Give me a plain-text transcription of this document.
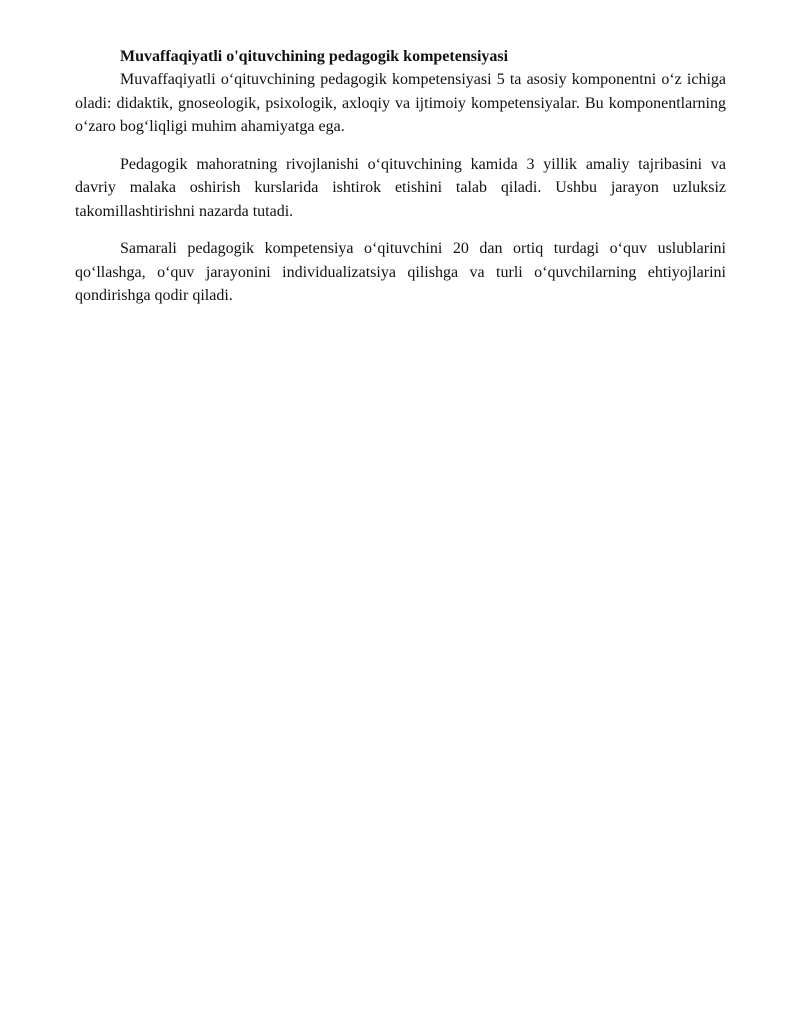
Muvaffaqiyatli o'qituvchining pedagogik kompetensiyasi

Muvaffaqiyatli o‘qituvchining pedagogik kompetensiyasi 5 ta asosiy komponentni o‘z ichiga oladi: didaktik, gnoseologik, psixologik, axloqiy va ijtimoiy kompetensiyalar. Bu komponentlarning o‘zaro bog‘liqligi muhim ahamiyatga ega.

Pedagogik mahoratning rivojlanishi o‘qituvchining kamida 3 yillik amaliy tajribasini va davriy malaka oshirish kurslarida ishtirok etishini talab qiladi. Ushbu jarayon uzluksiz takomillashtirishni nazarda tutadi.

Samarali pedagogik kompetensiya o‘qituvchini 20 dan ortiq turdagi o‘quv uslublarini qo‘llashga, o‘quv jarayonini individualizatsiya qilishga va turli o‘quvchilarning ehtiyojlarini qondirishga qodir qiladi.
